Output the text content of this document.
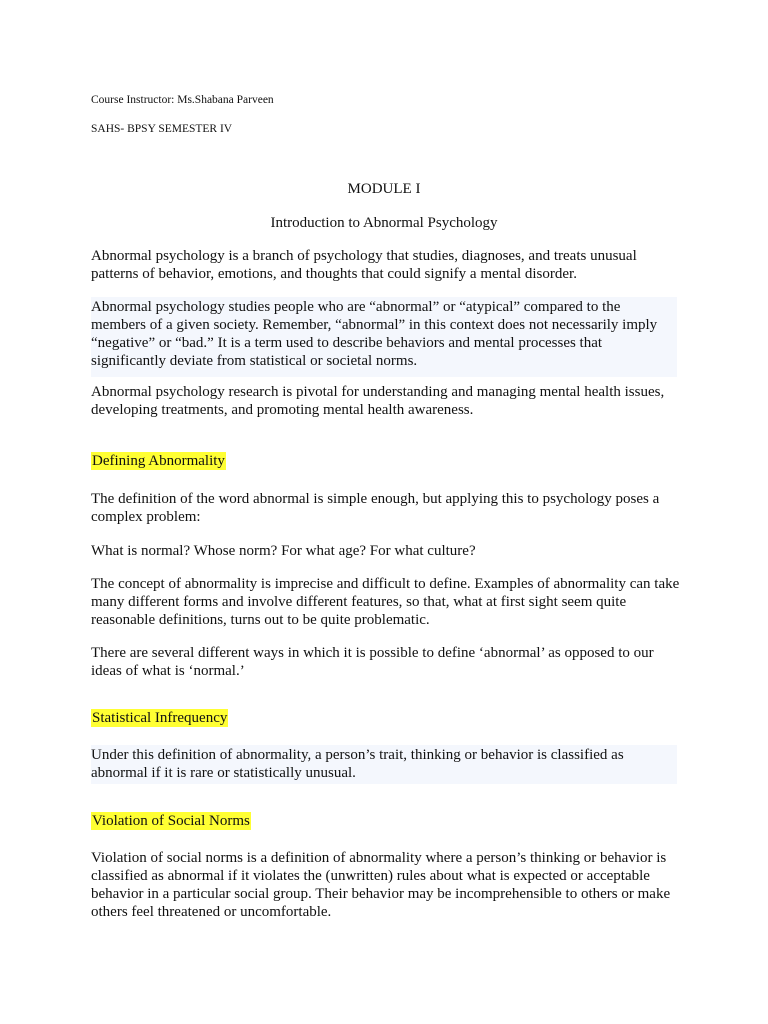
Course Instructor: Ms.Shabana Parveen
SAHS- BPSY SEMESTER IV
MODULE I
Introduction to Abnormal Psychology

Abnormal psychology is a branch of psychology that studies, diagnoses, and treats unusual patterns of behavior, emotions, and thoughts that could signify a mental disorder.

Abnormal psychology studies people who are “abnormal” or “atypical” compared to the members of a given society. Remember, “abnormal” in this context does not necessarily imply “negative” or “bad.” It is a term used to describe behaviors and mental processes that significantly deviate from statistical or societal norms.

Abnormal psychology research is pivotal for understanding and managing mental health issues, developing treatments, and promoting mental health awareness.

Defining Abnormality

The definition of the word abnormal is simple enough, but applying this to psychology poses a complex problem:

What is normal? Whose norm? For what age? For what culture?

The concept of abnormality is imprecise and difficult to define. Examples of abnormality can take many different forms and involve different features, so that, what at first sight seem quite reasonable definitions, turns out to be quite problematic.

There are several different ways in which it is possible to define ‘abnormal’ as opposed to our ideas of what is ‘normal.’

Statistical Infrequency

Under this definition of abnormality, a person’s trait, thinking or behavior is classified as abnormal if it is rare or statistically unusual.

Violation of Social Norms

Violation of social norms is a definition of abnormality where a person’s thinking or behavior is classified as abnormal if it violates the (unwritten) rules about what is expected or acceptable behavior in a particular social group. Their behavior may be incomprehensible to others or make others feel threatened or uncomfortable.
